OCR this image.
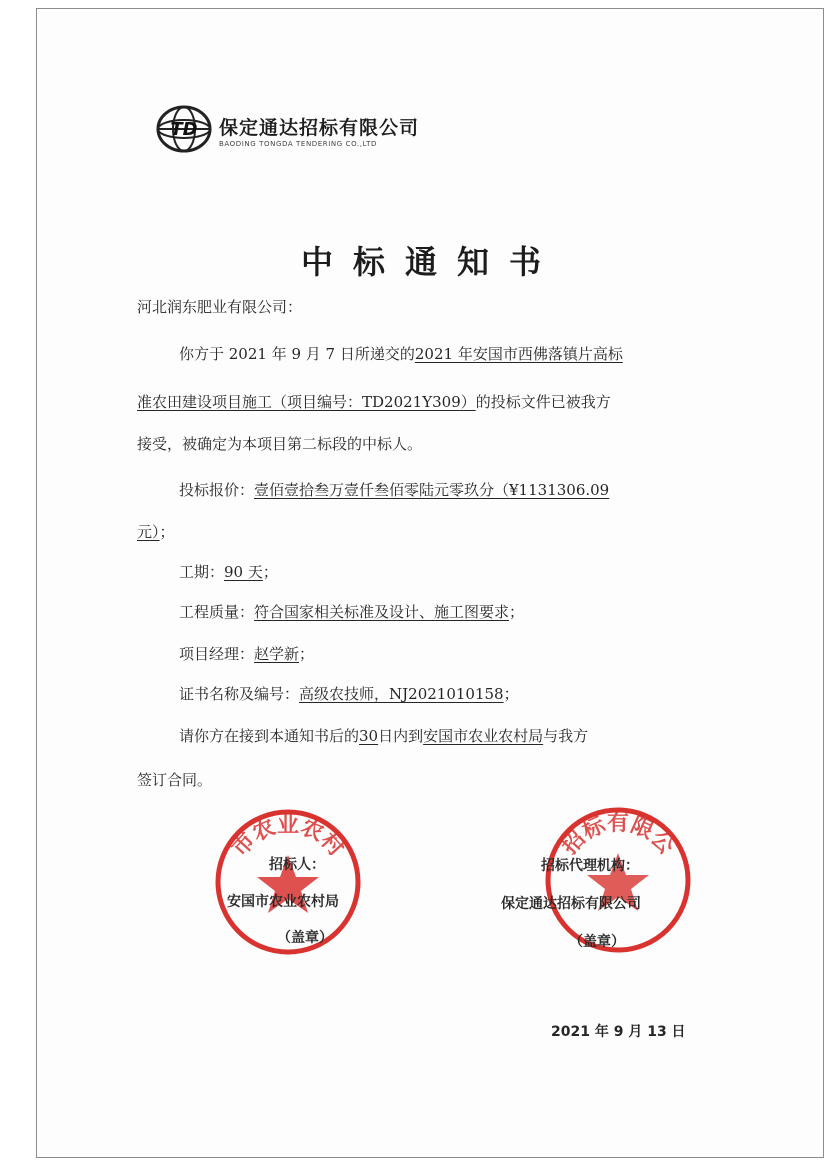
TD 保定通达招标有限公司
BAODING TONGDA TENDERING CO.,LTD
中标通知书
河北润东肥业有限公司：
你方于 2021 年 9 月 7 日所递交的2021 年安国市西佛落镇片高标
准农田建设项目施工（项目编号：TD2021Y309）的投标文件已被我方
接受，被确定为本项目第二标段的中标人。
投标报价：壹佰壹拾叁万壹仟叁佰零陆元零玖分（¥1131306.09
元）；
工期：90 天；
工程质量：符合国家相关标准及设计、施工图要求；
项目经理：赵学新；
证书名称及编号：高级农技师，NJ2021010158；
请你方在接到本通知书后的30日内到安国市农业农村局与我方
签订合同。
市农业农村
招标人：
安国市农业农村局
（盖章）
招标有限公
招标代理机构：
保定通达招标有限公司
（盖章）
2021 年 9 月 13 日
